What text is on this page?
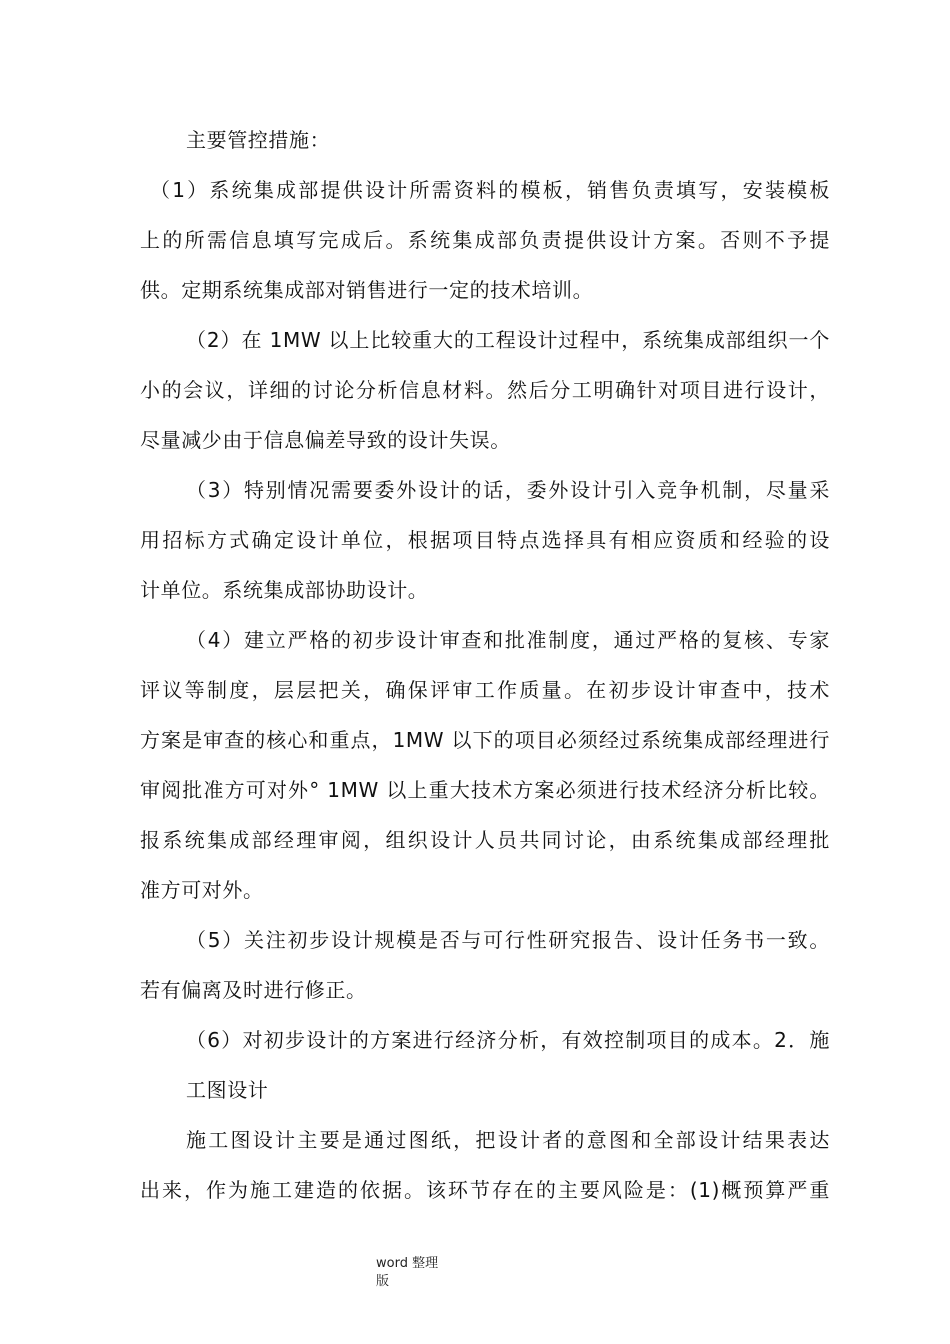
主要管控措施：
（1）系统集成部提供设计所需资料的模板，销售负责填写，安装模板
上的所需信息填写完成后。系统集成部负责提供设计方案。否则不予提
供。定期系统集成部对销售进行一定的技术培训。
（2）在 1MW 以上比较重大的工程设计过程中，系统集成部组织一个
小的会议，详细的讨论分析信息材料。然后分工明确针对项目进行设计，
尽量减少由于信息偏差导致的设计失误。
（3）特别情况需要委外设计的话，委外设计引入竞争机制，尽量采
用招标方式确定设计单位，根据项目特点选择具有相应资质和经验的设
计单位。系统集成部协助设计。
（4）建立严格的初步设计审查和批准制度，通过严格的复核、专家
评议等制度，层层把关，确保评审工作质量。在初步设计审查中，技术
方案是审查的核心和重点，1MW 以下的项目必须经过系统集成部经理进行
审阅批准方可对外° 1MW 以上重大技术方案必须进行技术经济分析比较。
报系统集成部经理审阅，组织设计人员共同讨论，由系统集成部经理批
准方可对外。
（5）关注初步设计规模是否与可行性研究报告、设计任务书一致。
若有偏离及时进行修正。
（6）对初步设计的方案进行经济分析，有效控制项目的成本。2．施
工图设计
施工图设计主要是通过图纸，把设计者的意图和全部设计结果表达
出来，作为施工建造的依据。该环节存在的主要风险是：(1)概预算严重
word 整理
版
